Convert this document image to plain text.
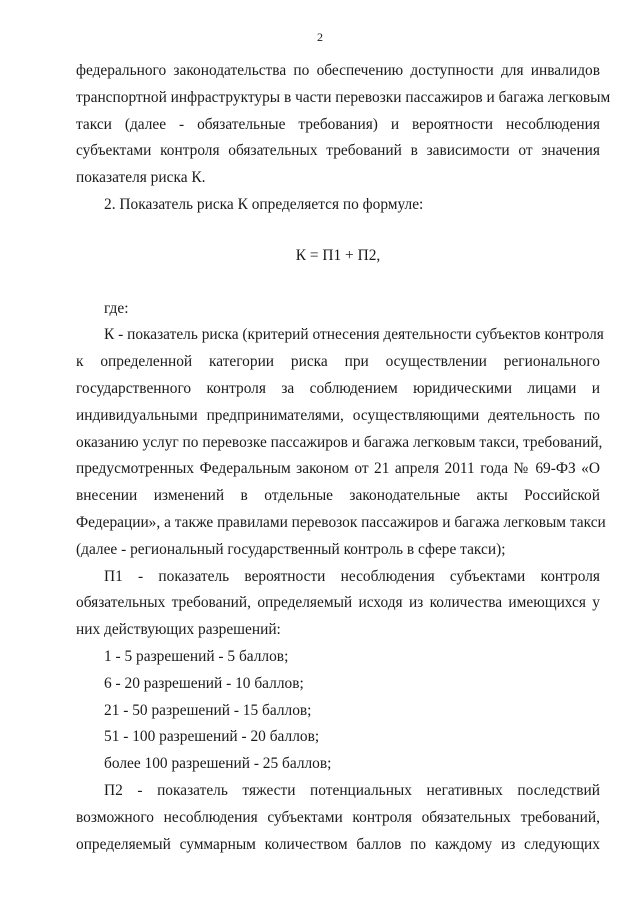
2
федерального законодательства по обеспечению доступности для инвалидов
транспортной инфраструктуры в части перевозки пассажиров и багажа легковым
такси (далее - обязательные требования) и вероятности несоблюдения
субъектами контроля обязательных требований в зависимости от значения
показателя риска К.
2. Показатель риска К определяется по формуле:
К = П1 + П2,
где:
К - показатель риска (критерий отнесения деятельности субъектов контроля
к определенной категории риска при осуществлении регионального
государственного контроля за соблюдением юридическими лицами и
индивидуальными предпринимателями, осуществляющими деятельность по
оказанию услуг по перевозке пассажиров и багажа легковым такси, требований,
предусмотренных Федеральным законом от 21 апреля 2011 года № 69-ФЗ «О
внесении изменений в отдельные законодательные акты Российской
Федерации», а также правилами перевозок пассажиров и багажа легковым такси
(далее - региональный государственный контроль в сфере такси);
П1 - показатель вероятности несоблюдения субъектами контроля
обязательных требований, определяемый исходя из количества имеющихся у
них действующих разрешений:
1 - 5 разрешений - 5 баллов;
6 - 20 разрешений - 10 баллов;
21 - 50 разрешений - 15 баллов;
51 - 100 разрешений - 20 баллов;
более 100 разрешений - 25 баллов;
П2 - показатель тяжести потенциальных негативных последствий
возможного несоблюдения субъектами контроля обязательных требований,
определяемый суммарным количеством баллов по каждому из следующих
